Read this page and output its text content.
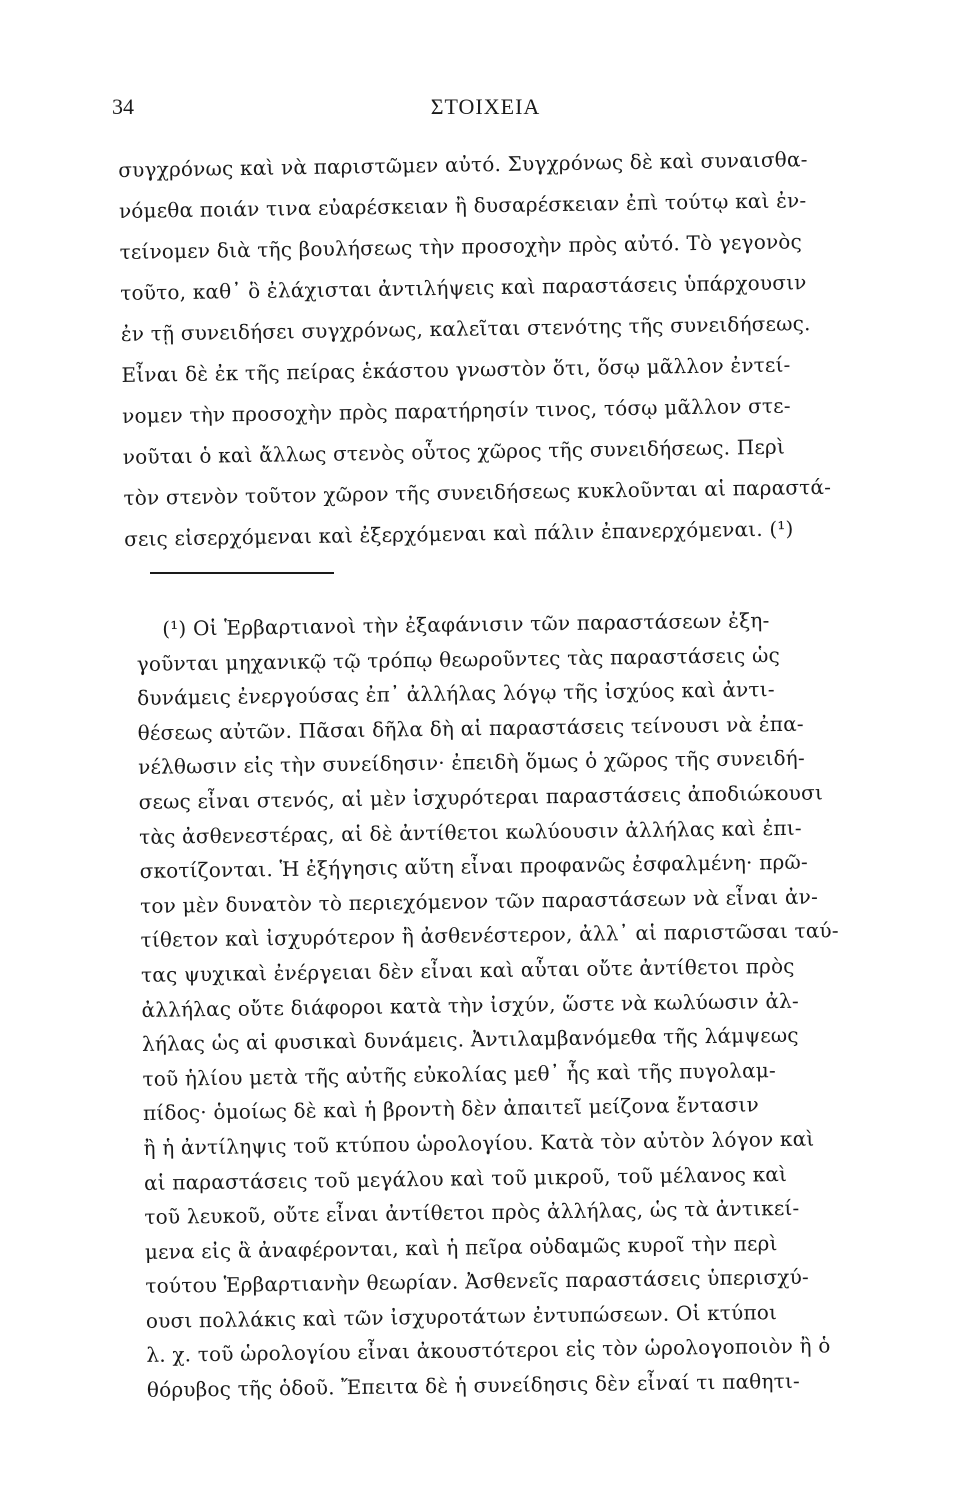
34	ΣΤΟΙΧΕΙΑ
συγχρόνως καὶ νὰ παριστῶμεν αὐτό. Συγχρόνως δὲ καὶ συναισθα-
νόμεθα ποιάν τινα εὐαρέσκειαν ἢ δυσαρέσκειαν ἐπὶ τούτῳ καὶ ἐν-
τείνομεν διὰ τῆς βουλήσεως τὴν προσοχὴν πρὸς αὐτό. Τὸ γεγονὸς
τοῦτο, καθ᾽ ὃ ἐλάχισται ἀντιλήψεις καὶ παραστάσεις ὑπάρχουσιν
ἐν τῇ συνειδήσει συγχρόνως, καλεῖται στενότης τῆς συνειδήσεως.
Εἶναι δὲ ἐκ τῆς πείρας ἑκάστου γνωστὸν ὅτι, ὅσῳ μᾶλλον ἐντεί-
νομεν τὴν προσοχὴν πρὸς παρατήρησίν τινος, τόσῳ μᾶλλον στε-
νοῦται ὁ καὶ ἄλλως στενὸς οὗτος χῶρος τῆς συνειδήσεως. Περὶ
τὸν στενὸν τοῦτον χῶρον τῆς συνειδήσεως κυκλοῦνται αἱ παραστά-
σεις εἰσερχόμεναι καὶ ἐξερχόμεναι καὶ πάλιν ἐπανερχόμεναι. (¹)
(¹) Οἱ Ἑρβαρτιανοὶ τὴν ἐξαφάνισιν τῶν παραστάσεων ἐξη-
γοῦνται μηχανικῷ τῷ τρόπῳ θεωροῦντες τὰς παραστάσεις ὡς
δυνάμεις ἐνεργούσας ἐπ᾽ ἀλλήλας λόγῳ τῆς ἰσχύος καὶ ἀντι-
θέσεως αὐτῶν. Πᾶσαι δῆλα δὴ αἱ παραστάσεις τείνουσι νὰ ἐπα-
νέλθωσιν εἰς τὴν συνείδησιν· ἐπειδὴ ὅμως ὁ χῶρος τῆς συνειδή-
σεως εἶναι στενός, αἱ μὲν ἰσχυρότεραι παραστάσεις ἀποδιώκουσι
τὰς ἀσθενεστέρας, αἱ δὲ ἀντίθετοι κωλύουσιν ἀλλήλας καὶ ἐπι-
σκοτίζονται. Ἡ ἐξήγησις αὕτη εἶναι προφανῶς ἐσφαλμένη· πρῶ-
τον μὲν δυνατὸν τὸ περιεχόμενον τῶν παραστάσεων νὰ εἶναι ἀν-
τίθετον καὶ ἰσχυρότερον ἢ ἀσθενέστερον, ἀλλ᾽ αἱ παριστῶσαι ταύ-
τας ψυχικαὶ ἐνέργειαι δὲν εἶναι καὶ αὗται οὔτε ἀντίθετοι πρὸς
ἀλλήλας οὔτε διάφοροι κατὰ τὴν ἰσχύν, ὥστε νὰ κωλύωσιν ἀλ-
λήλας ὡς αἱ φυσικαὶ δυνάμεις. Ἀντιλαμβανόμεθα τῆς λάμψεως
τοῦ ἡλίου μετὰ τῆς αὐτῆς εὐκολίας μεθ᾽ ἧς καὶ τῆς πυγολαμ-
πίδος· ὁμοίως δὲ καὶ ἡ βροντὴ δὲν ἀπαιτεῖ μείζονα ἔντασιν
ἢ ἡ ἀντίληψις τοῦ κτύπου ὡρολογίου. Κατὰ τὸν αὐτὸν λόγον καὶ
αἱ παραστάσεις τοῦ μεγάλου καὶ τοῦ μικροῦ, τοῦ μέλανος καὶ
τοῦ λευκοῦ, οὔτε εἶναι ἀντίθετοι πρὸς ἀλλήλας, ὡς τὰ ἀντικεί-
μενα εἰς ἃ ἀναφέρονται, καὶ ἡ πεῖρα οὐδαμῶς κυροῖ τὴν περὶ
τούτου Ἑρβαρτιανὴν θεωρίαν. Ἀσθενεῖς παραστάσεις ὑπερισχύ-
ουσι πολλάκις καὶ τῶν ἰσχυροτάτων ἐντυπώσεων. Οἱ κτύποι
λ. χ. τοῦ ὡρολογίου εἶναι ἀκουστότεροι εἰς τὸν ὡρολογοποιὸν ἢ ὁ
θόρυβος τῆς ὁδοῦ. Ἔπειτα δὲ ἡ συνείδησις δὲν εἶναί τι παθητι-
